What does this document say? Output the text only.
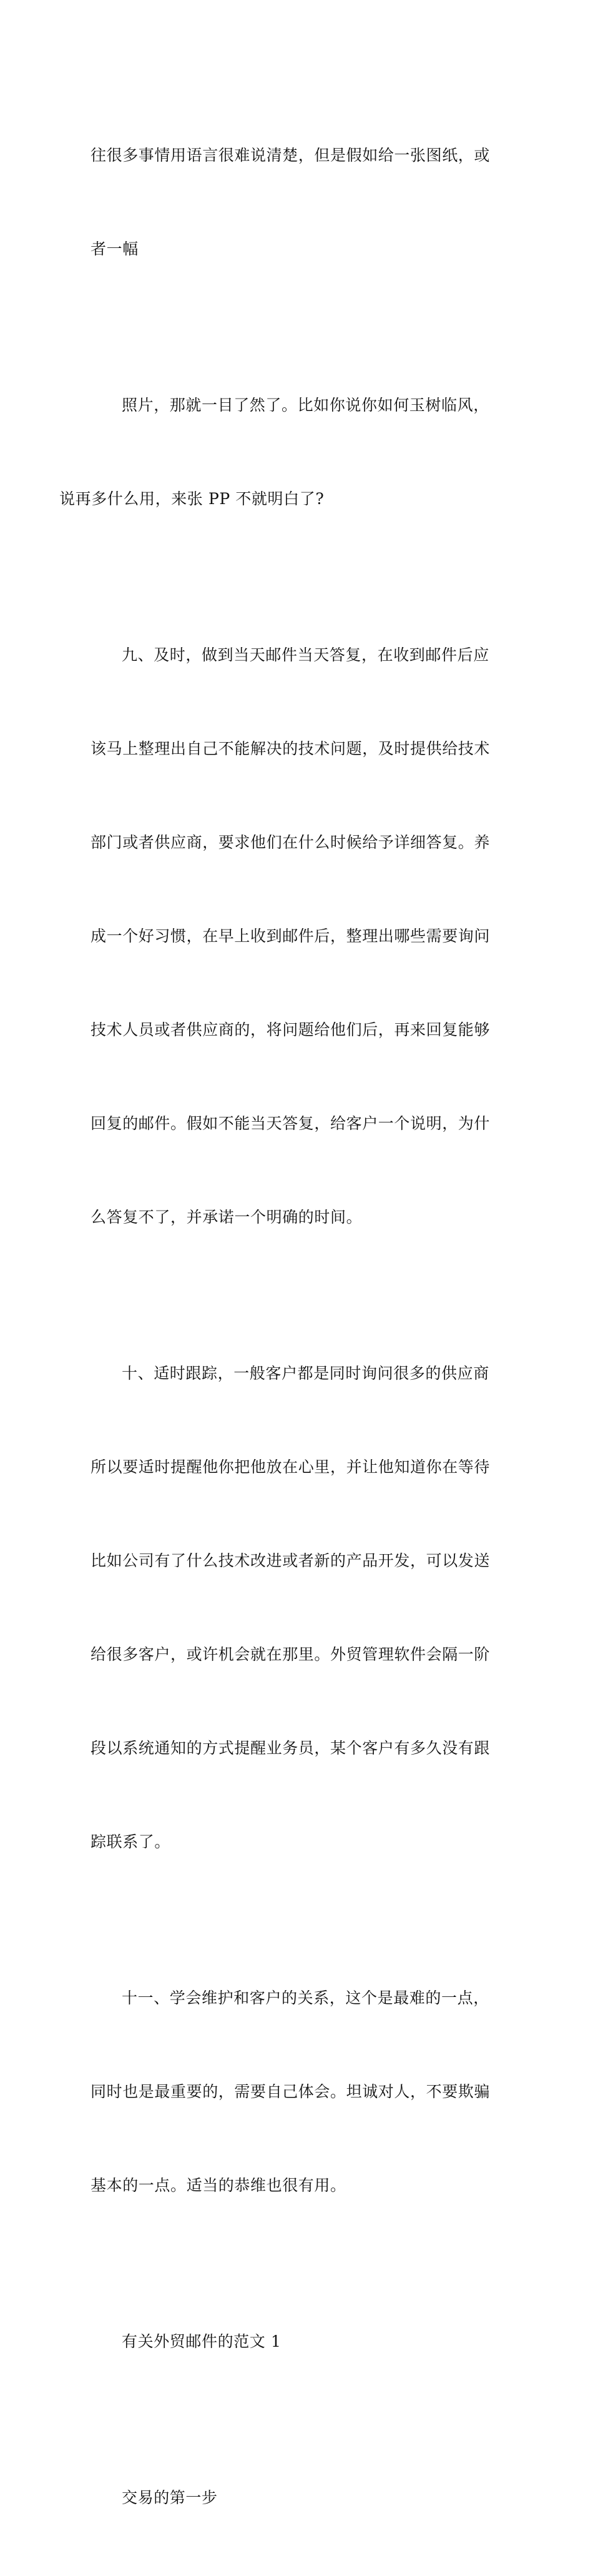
往很多事情用语言很难说清楚，但是假如给一张图纸，或

者一幅

照片，那就一目了然了。比如你说你如何玉树临风，

说再多什么用，来张 PP 不就明白了?

九、及时，做到当天邮件当天答复，在收到邮件后应

该马上整理出自己不能解决的技术问题，及时提供给技术

部门或者供应商，要求他们在什么时候给予详细答复。养

成一个好习惯，在早上收到邮件后，整理出哪些需要询问

技术人员或者供应商的，将问题给他们后，再来回复能够

回复的邮件。假如不能当天答复，给客户一个说明，为什

么答复不了，并承诺一个明确的时间。

十、适时跟踪，一般客户都是同时询问很多的供应商

所以要适时提醒他你把他放在心里，并让他知道你在等待

比如公司有了什么技术改进或者新的产品开发，可以发送

给很多客户，或许机会就在那里。外贸管理软件会隔一阶

段以系统通知的方式提醒业务员，某个客户有多久没有跟

踪联系了。

十一、学会维护和客户的关系，这个是最难的一点，

同时也是最重要的，需要自己体会。坦诚对人，不要欺骗

基本的一点。适当的恭维也很有用。

有关外贸邮件的范文 1

交易的第一步
